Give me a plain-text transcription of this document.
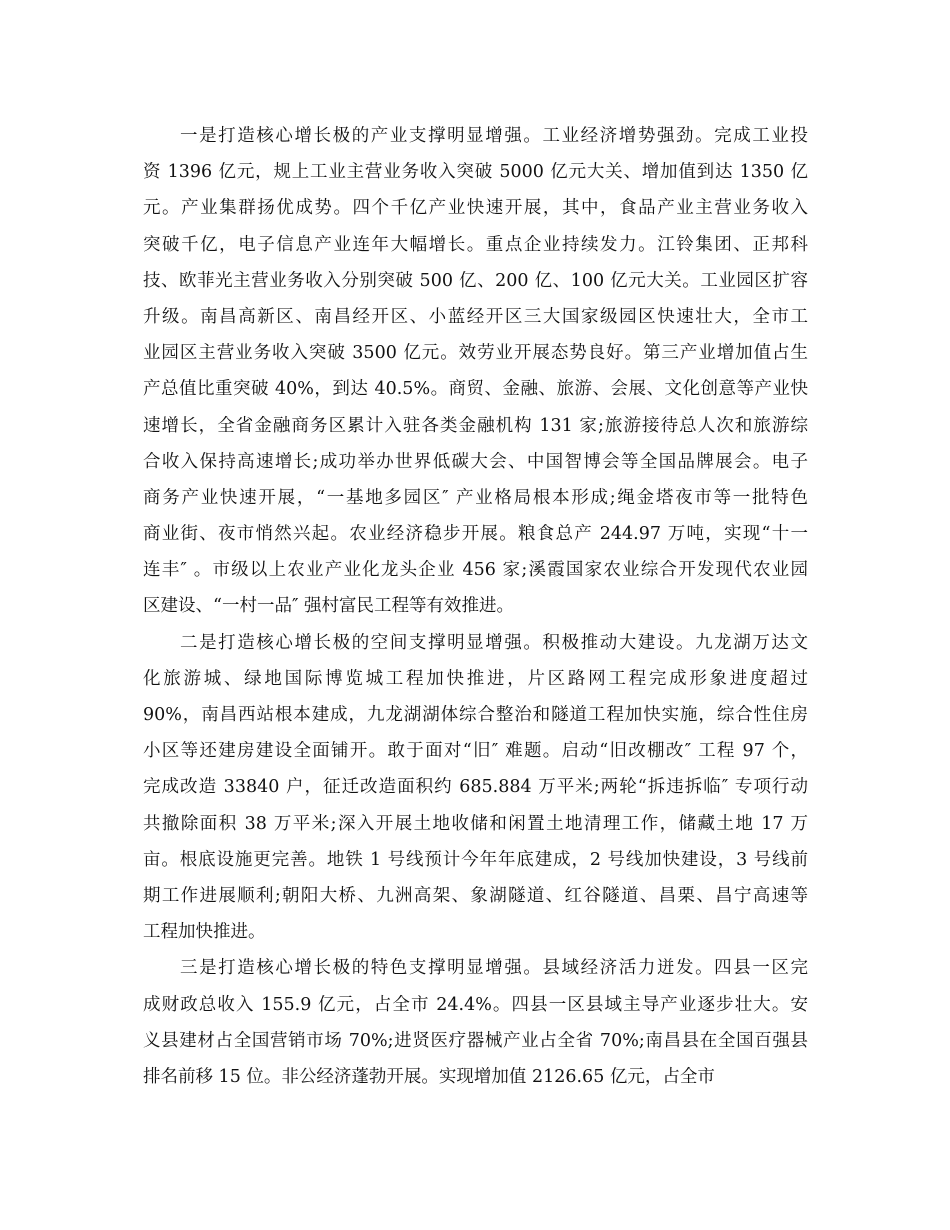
一是打造核心增长极的产业支撑明显增强。工业经济增势强劲。完成工业投
资 1396 亿元，规上工业主营业务收入突破 5000 亿元大关、增加值到达 1350 亿
元。产业集群扬优成势。四个千亿产业快速开展，其中，食品产业主营业务收入
突破千亿，电子信息产业连年大幅增长。重点企业持续发力。江铃集团、正邦科
技、欧菲光主营业务收入分别突破 500 亿、200 亿、100 亿元大关。工业园区扩容
升级。南昌高新区、南昌经开区、小蓝经开区三大国家级园区快速壮大，全市工
业园区主营业务收入突破 3500 亿元。效劳业开展态势良好。第三产业增加值占生
产总值比重突破 40%，到达 40.5%。商贸、金融、旅游、会展、文化创意等产业快
速增长，全省金融商务区累计入驻各类金融机构 131 家;旅游接待总人次和旅游综
合收入保持高速增长;成功举办世界低碳大会、中国智博会等全国品牌展会。电子
商务产业快速开展，“一基地多园区″ 产业格局根本形成;绳金塔夜市等一批特色
商业街、夜市悄然兴起。农业经济稳步开展。粮食总产 244.97 万吨，实现“十一
连丰″ 。市级以上农业产业化龙头企业 456 家;溪霞国家农业综合开发现代农业园
区建设、“一村一品″ 强村富民工程等有效推进。
二是打造核心增长极的空间支撑明显增强。积极推动大建设。九龙湖万达文
化旅游城、绿地国际博览城工程加快推进，片区路网工程完成形象进度超过
90%，南昌西站根本建成，九龙湖湖体综合整治和隧道工程加快实施，综合性住房
小区等还建房建设全面铺开。敢于面对“旧″ 难题。启动“旧改棚改″ 工程 97 个，
完成改造 33840 户，征迁改造面积约 685.884 万平米;两轮“拆违拆临″ 专项行动
共撤除面积 38 万平米;深入开展土地收储和闲置土地清理工作，储藏土地 17 万
亩。根底设施更完善。地铁 1 号线预计今年年底建成，2 号线加快建设，3 号线前
期工作进展顺利;朝阳大桥、九洲高架、象湖隧道、红谷隧道、昌栗、昌宁高速等
工程加快推进。
三是打造核心增长极的特色支撑明显增强。县域经济活力迸发。四县一区完
成财政总收入 155.9 亿元，占全市 24.4%。四县一区县域主导产业逐步壮大。安
义县建材占全国营销市场 70%;进贤医疗器械产业占全省 70%;南昌县在全国百强县
排名前移 15 位。非公经济蓬勃开展。实现增加值 2126.65 亿元，占全市
